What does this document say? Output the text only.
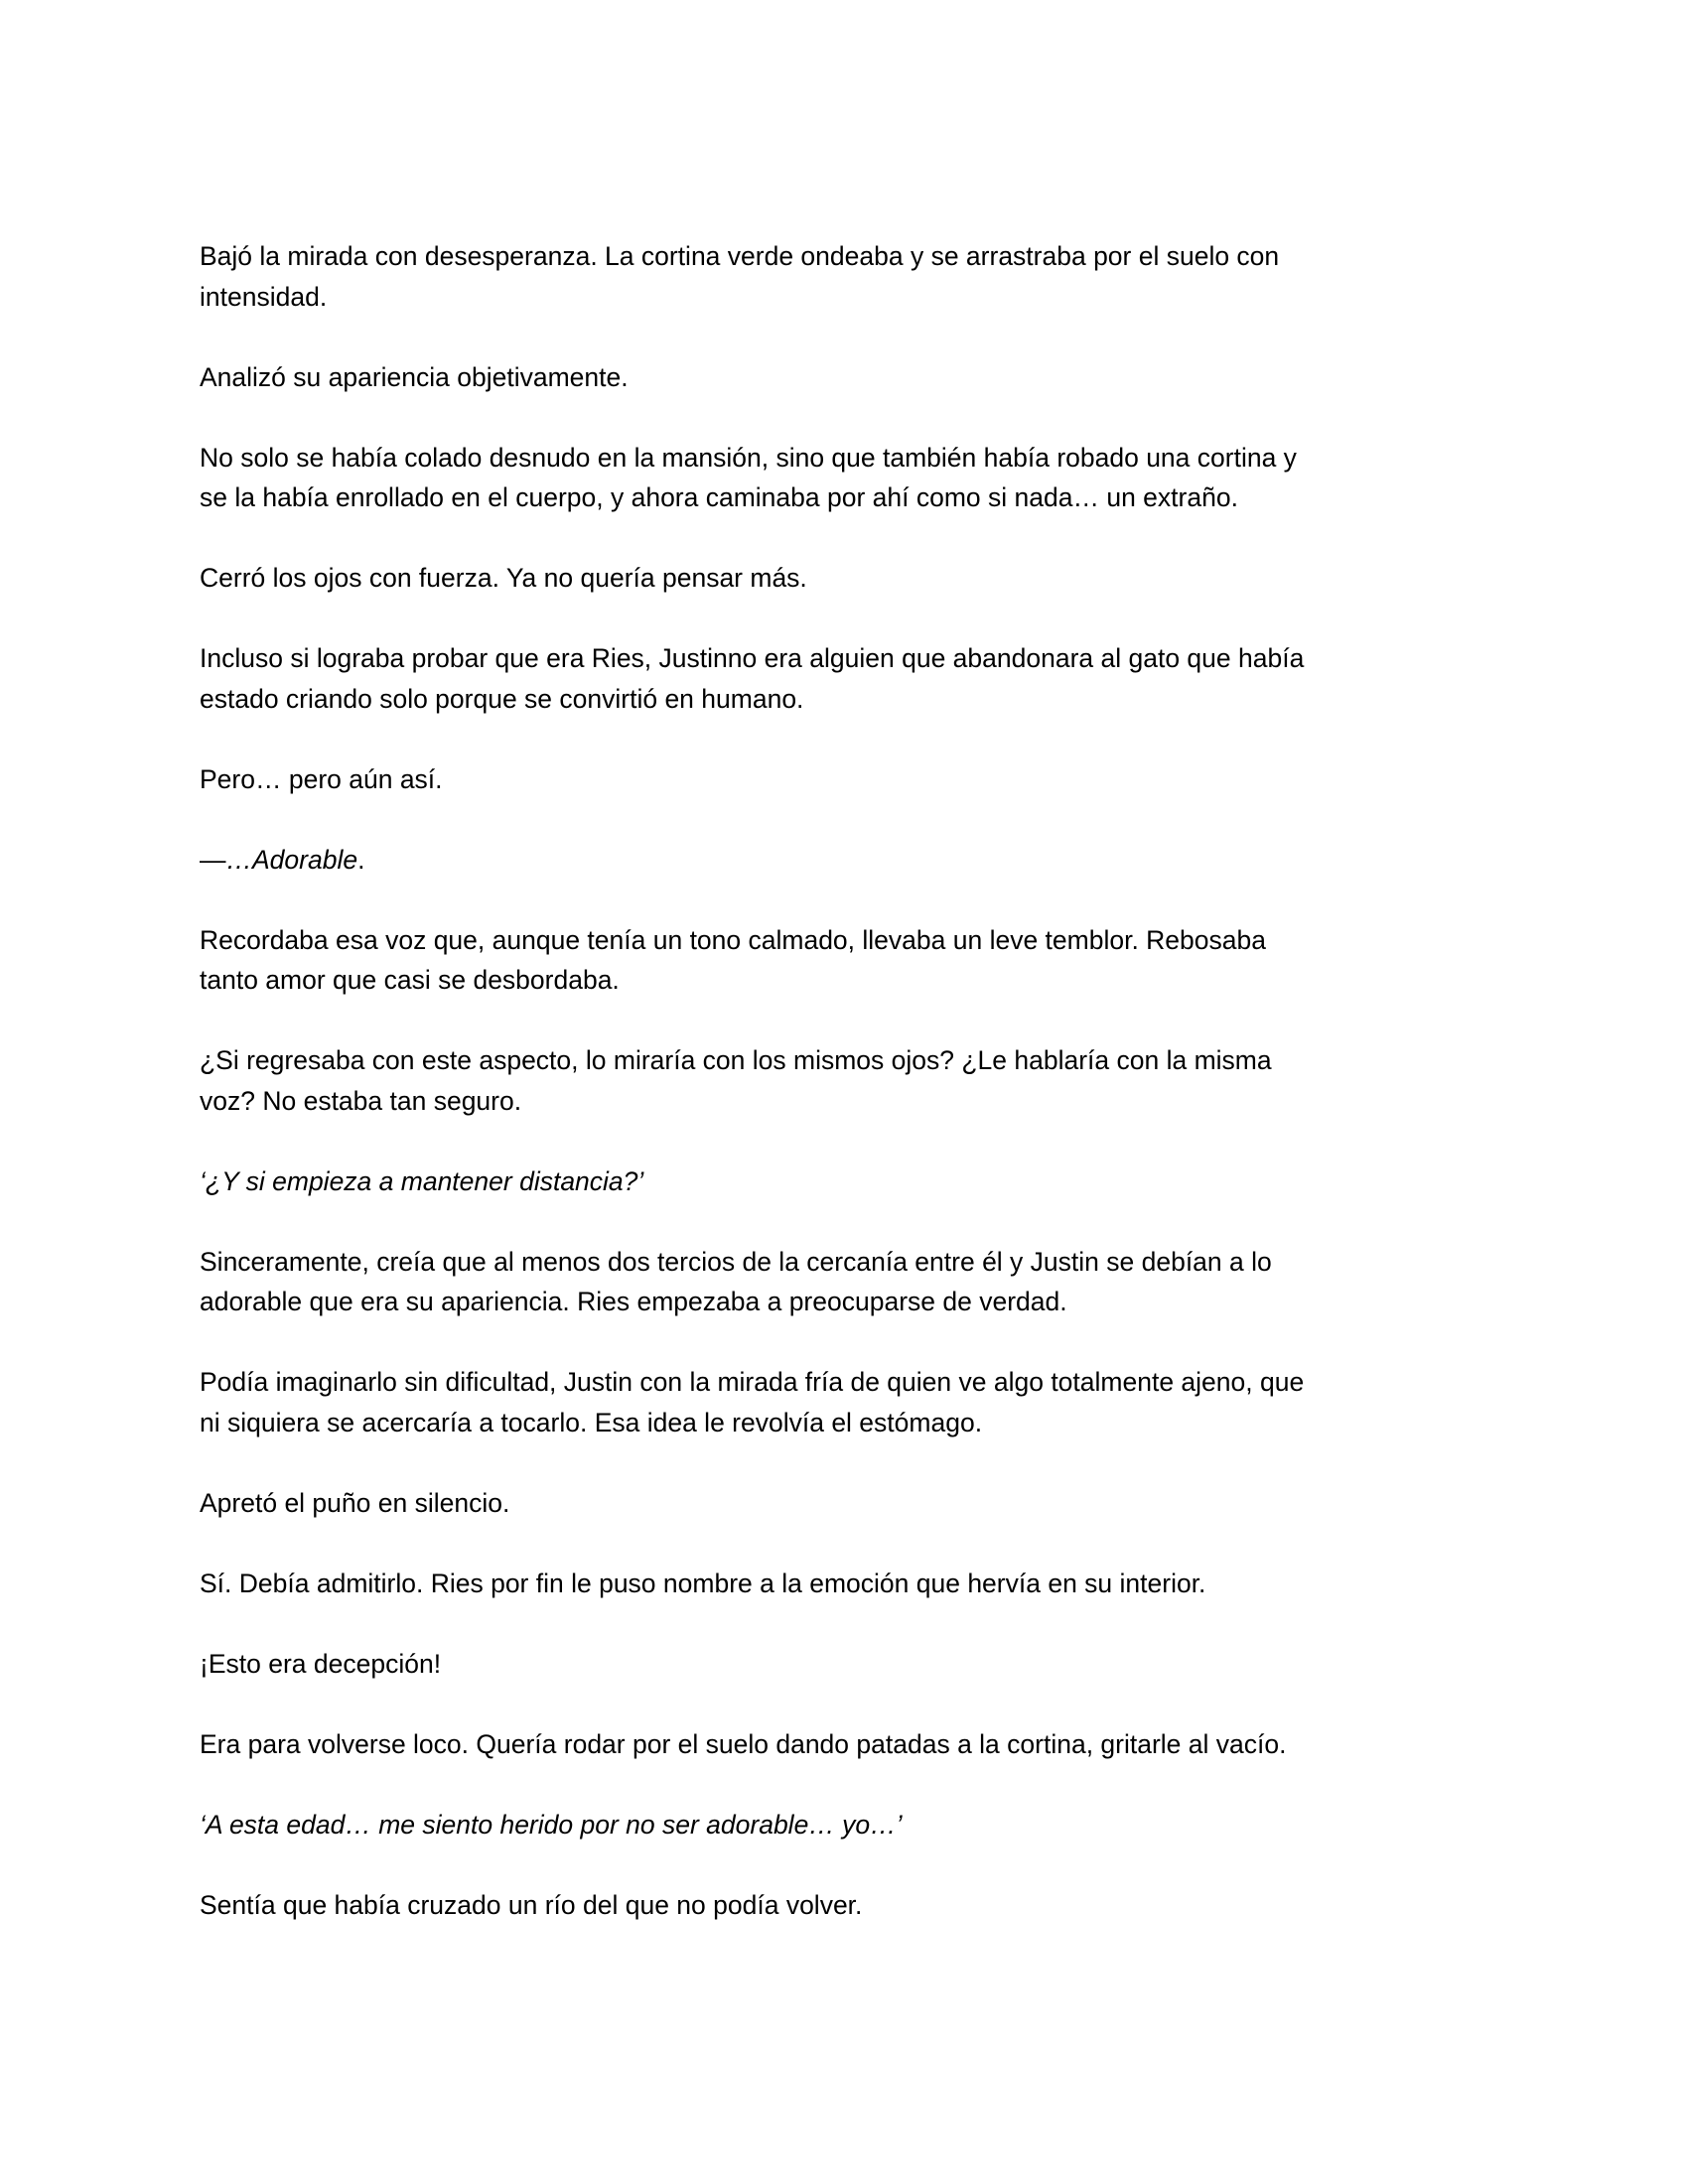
Bajó la mirada con desesperanza. La cortina verde ondeaba y se arrastraba por el suelo con
intensidad.

Analizó su apariencia objetivamente.

No solo se había colado desnudo en la mansión, sino que también había robado una cortina y
se la había enrollado en el cuerpo, y ahora caminaba por ahí como si nada… un extraño.

Cerró los ojos con fuerza. Ya no quería pensar más.

Incluso si lograba probar que era Ries, Justinno era alguien que abandonara al gato que había
estado criando solo porque se convirtió en humano.

Pero… pero aún así.

—…Adorable.

Recordaba esa voz que, aunque tenía un tono calmado, llevaba un leve temblor. Rebosaba
tanto amor que casi se desbordaba.

¿Si regresaba con este aspecto, lo miraría con los mismos ojos? ¿Le hablaría con la misma
voz? No estaba tan seguro.

‘¿Y si empieza a mantener distancia?’

Sinceramente, creía que al menos dos tercios de la cercanía entre él y Justin se debían a lo
adorable que era su apariencia. Ries empezaba a preocuparse de verdad.

Podía imaginarlo sin dificultad, Justin con la mirada fría de quien ve algo totalmente ajeno, que
ni siquiera se acercaría a tocarlo. Esa idea le revolvía el estómago.

Apretó el puño en silencio.

Sí. Debía admitirlo. Ries por fin le puso nombre a la emoción que hervía en su interior.

¡Esto era decepción!

Era para volverse loco. Quería rodar por el suelo dando patadas a la cortina, gritarle al vacío.

‘A esta edad… me siento herido por no ser adorable… yo…’

Sentía que había cruzado un río del que no podía volver.
